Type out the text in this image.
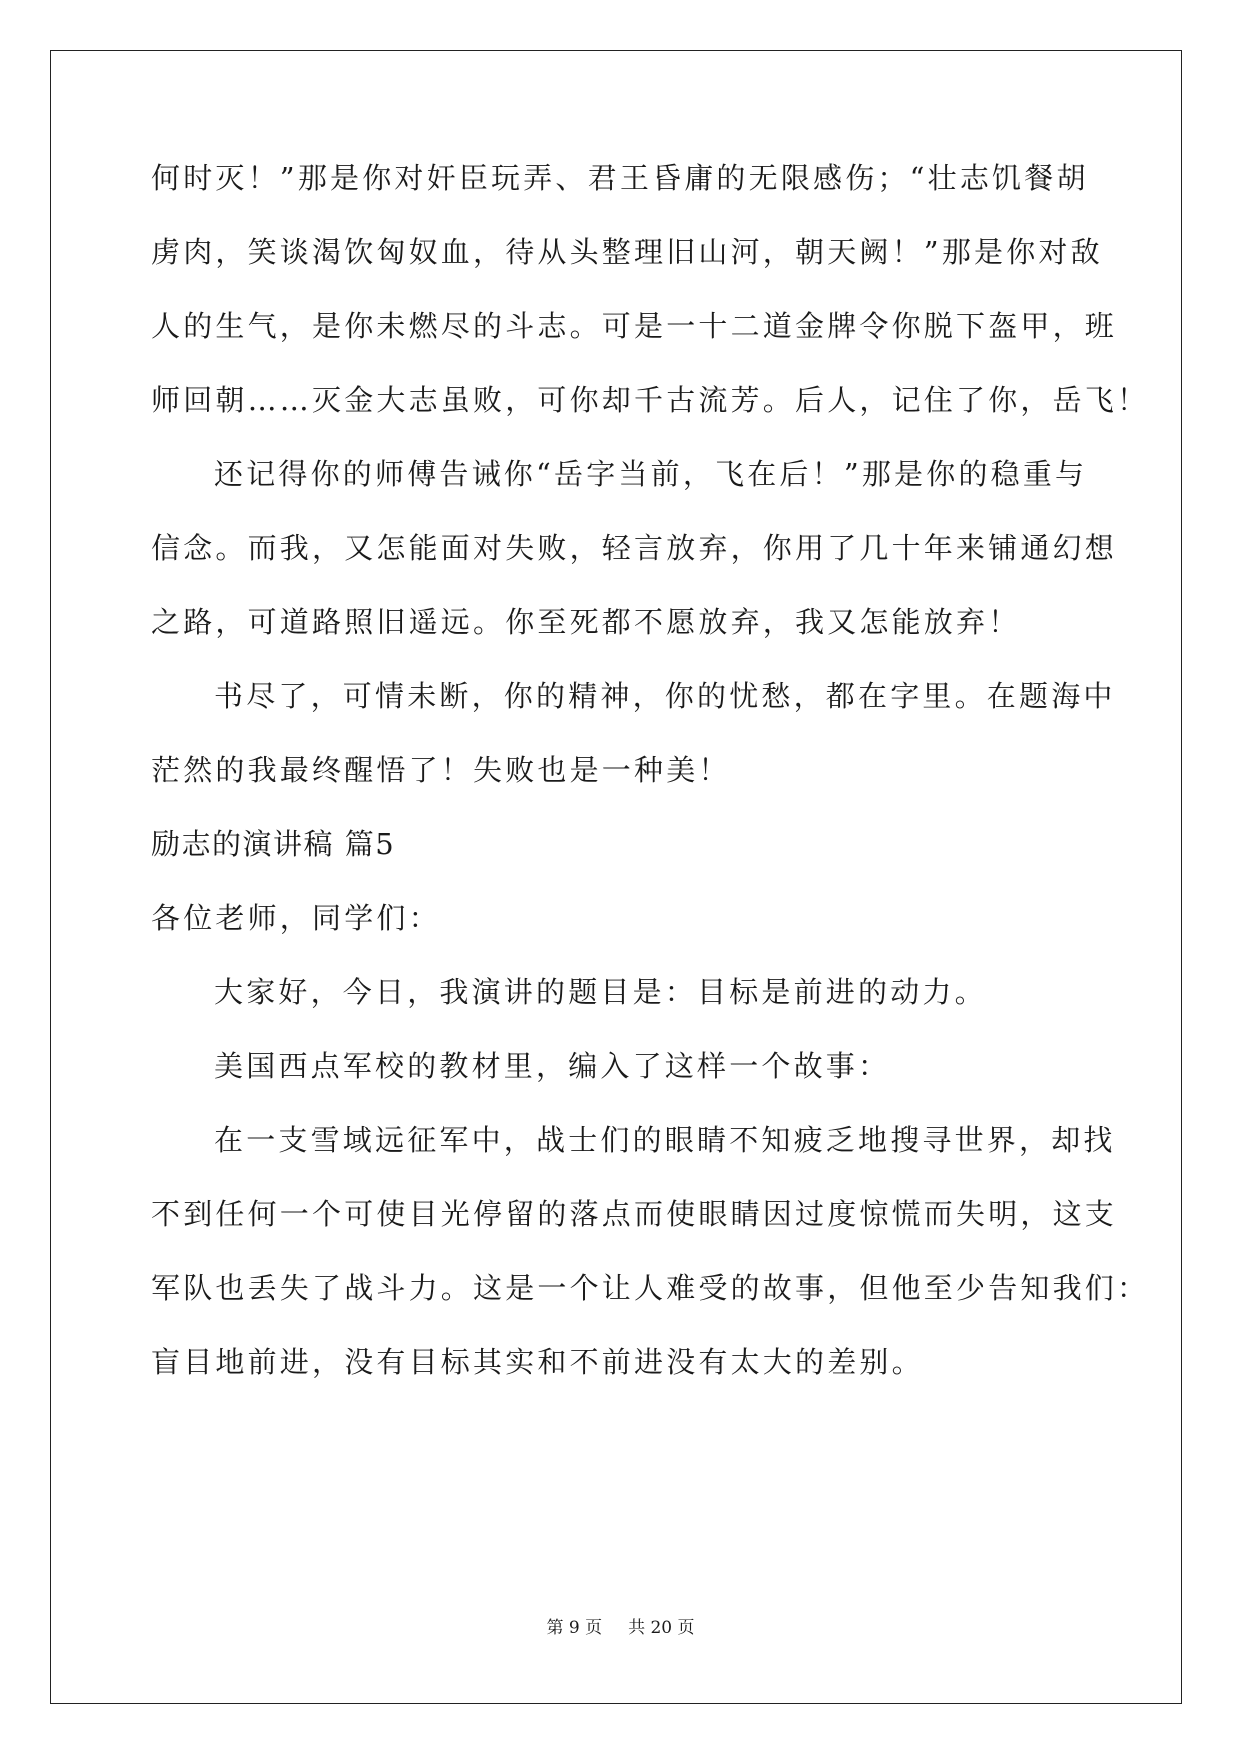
何时灭！”那是你对奸臣玩弄、君王昏庸的无限感伤；“壮志饥餐胡
虏肉，笑谈渴饮匈奴血，待从头整理旧山河，朝天阙！”那是你对敌
人的生气，是你未燃尽的斗志。可是一十二道金牌令你脱下盔甲，班
师回朝……灭金大志虽败，可你却千古流芳。后人，记住了你，岳飞！
还记得你的师傅告诫你“岳字当前，飞在后！”那是你的稳重与
信念。而我，又怎能面对失败，轻言放弃，你用了几十年来铺通幻想
之路，可道路照旧遥远。你至死都不愿放弃，我又怎能放弃！
书尽了，可情未断，你的精神，你的忧愁，都在字里。在题海中
茫然的我最终醒悟了！失败也是一种美！
励志的演讲稿 篇5
各位老师，同学们：
大家好，今日，我演讲的题目是：目标是前进的动力。
美国西点军校的教材里，编入了这样一个故事：
在一支雪域远征军中，战士们的眼睛不知疲乏地搜寻世界，却找
不到任何一个可使目光停留的落点而使眼睛因过度惊慌而失明，这支
军队也丢失了战斗力。这是一个让人难受的故事，但他至少告知我们：
盲目地前进，没有目标其实和不前进没有太大的差别。
第 9 页 共 20 页
